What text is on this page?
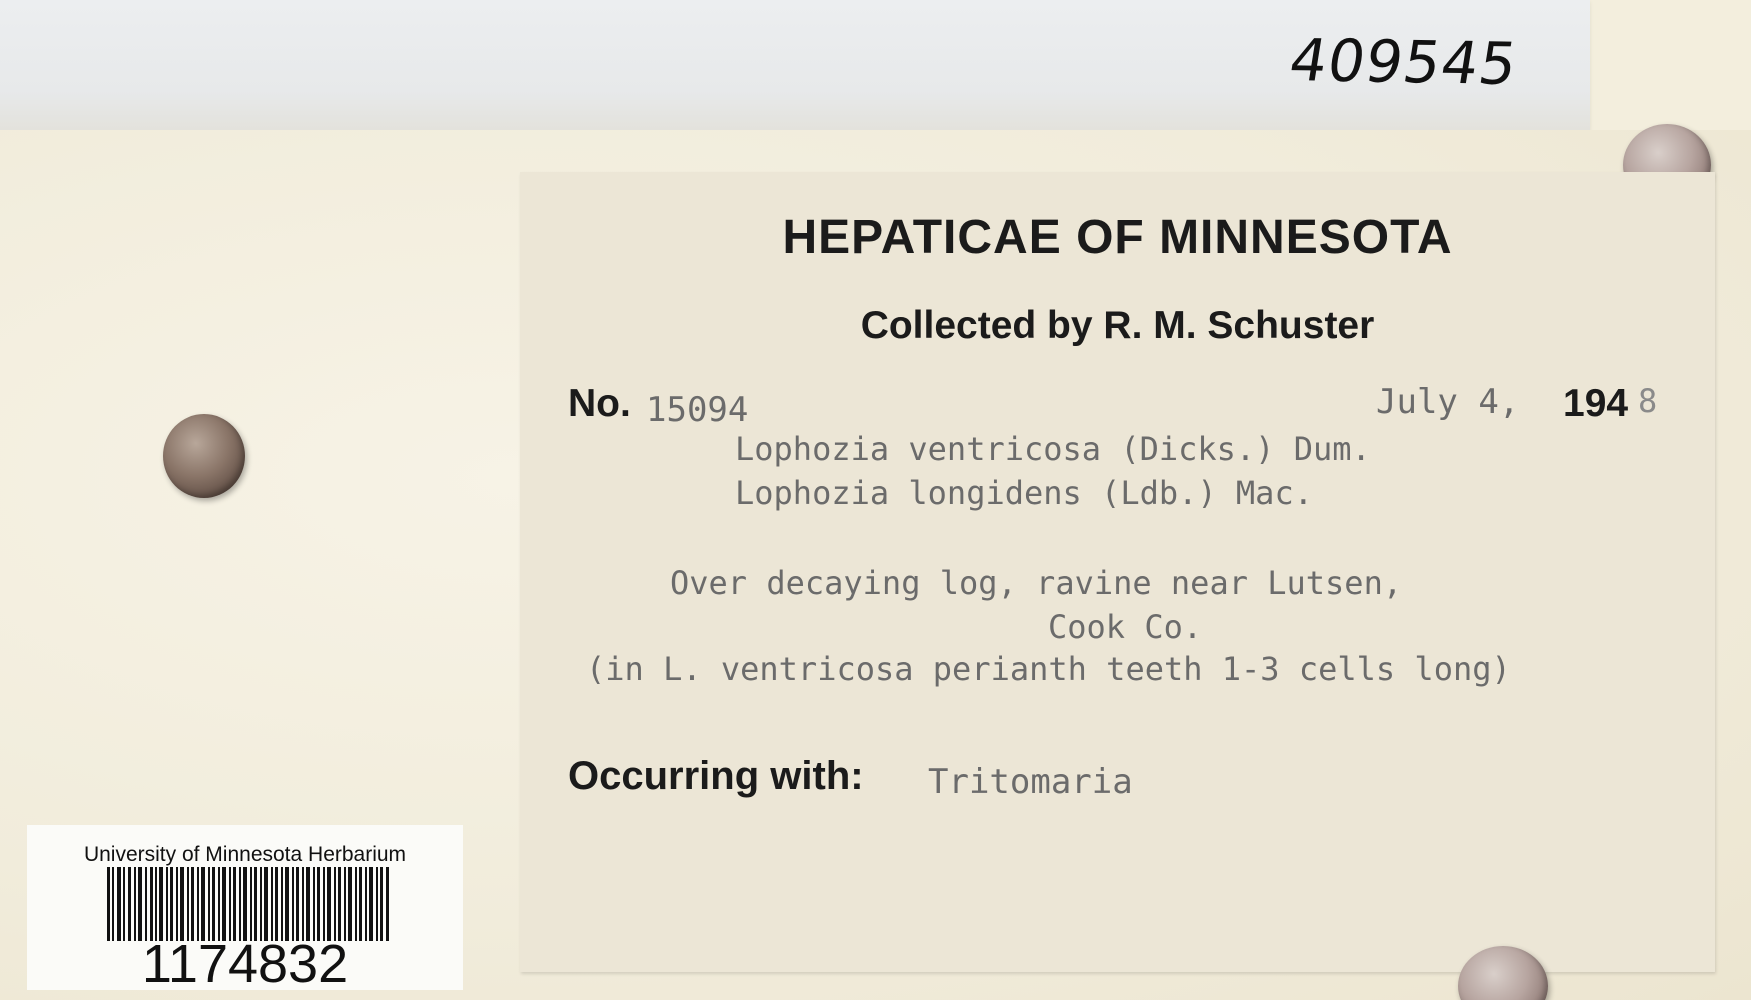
409545
HEPATICAE OF MINNESOTA
Collected by R. M. Schuster
No. 15094	July 4, 194 8
Lophozia ventricosa (Dicks.) Dum.
Lophozia longidens (Ldb.) Mac.
Over decaying log, ravine near Lutsen,
Cook Co.
(in L. ventricosa perianth teeth 1-3 cells long)
Occurring with: Tritomaria
University of Minnesota Herbarium
1174832
